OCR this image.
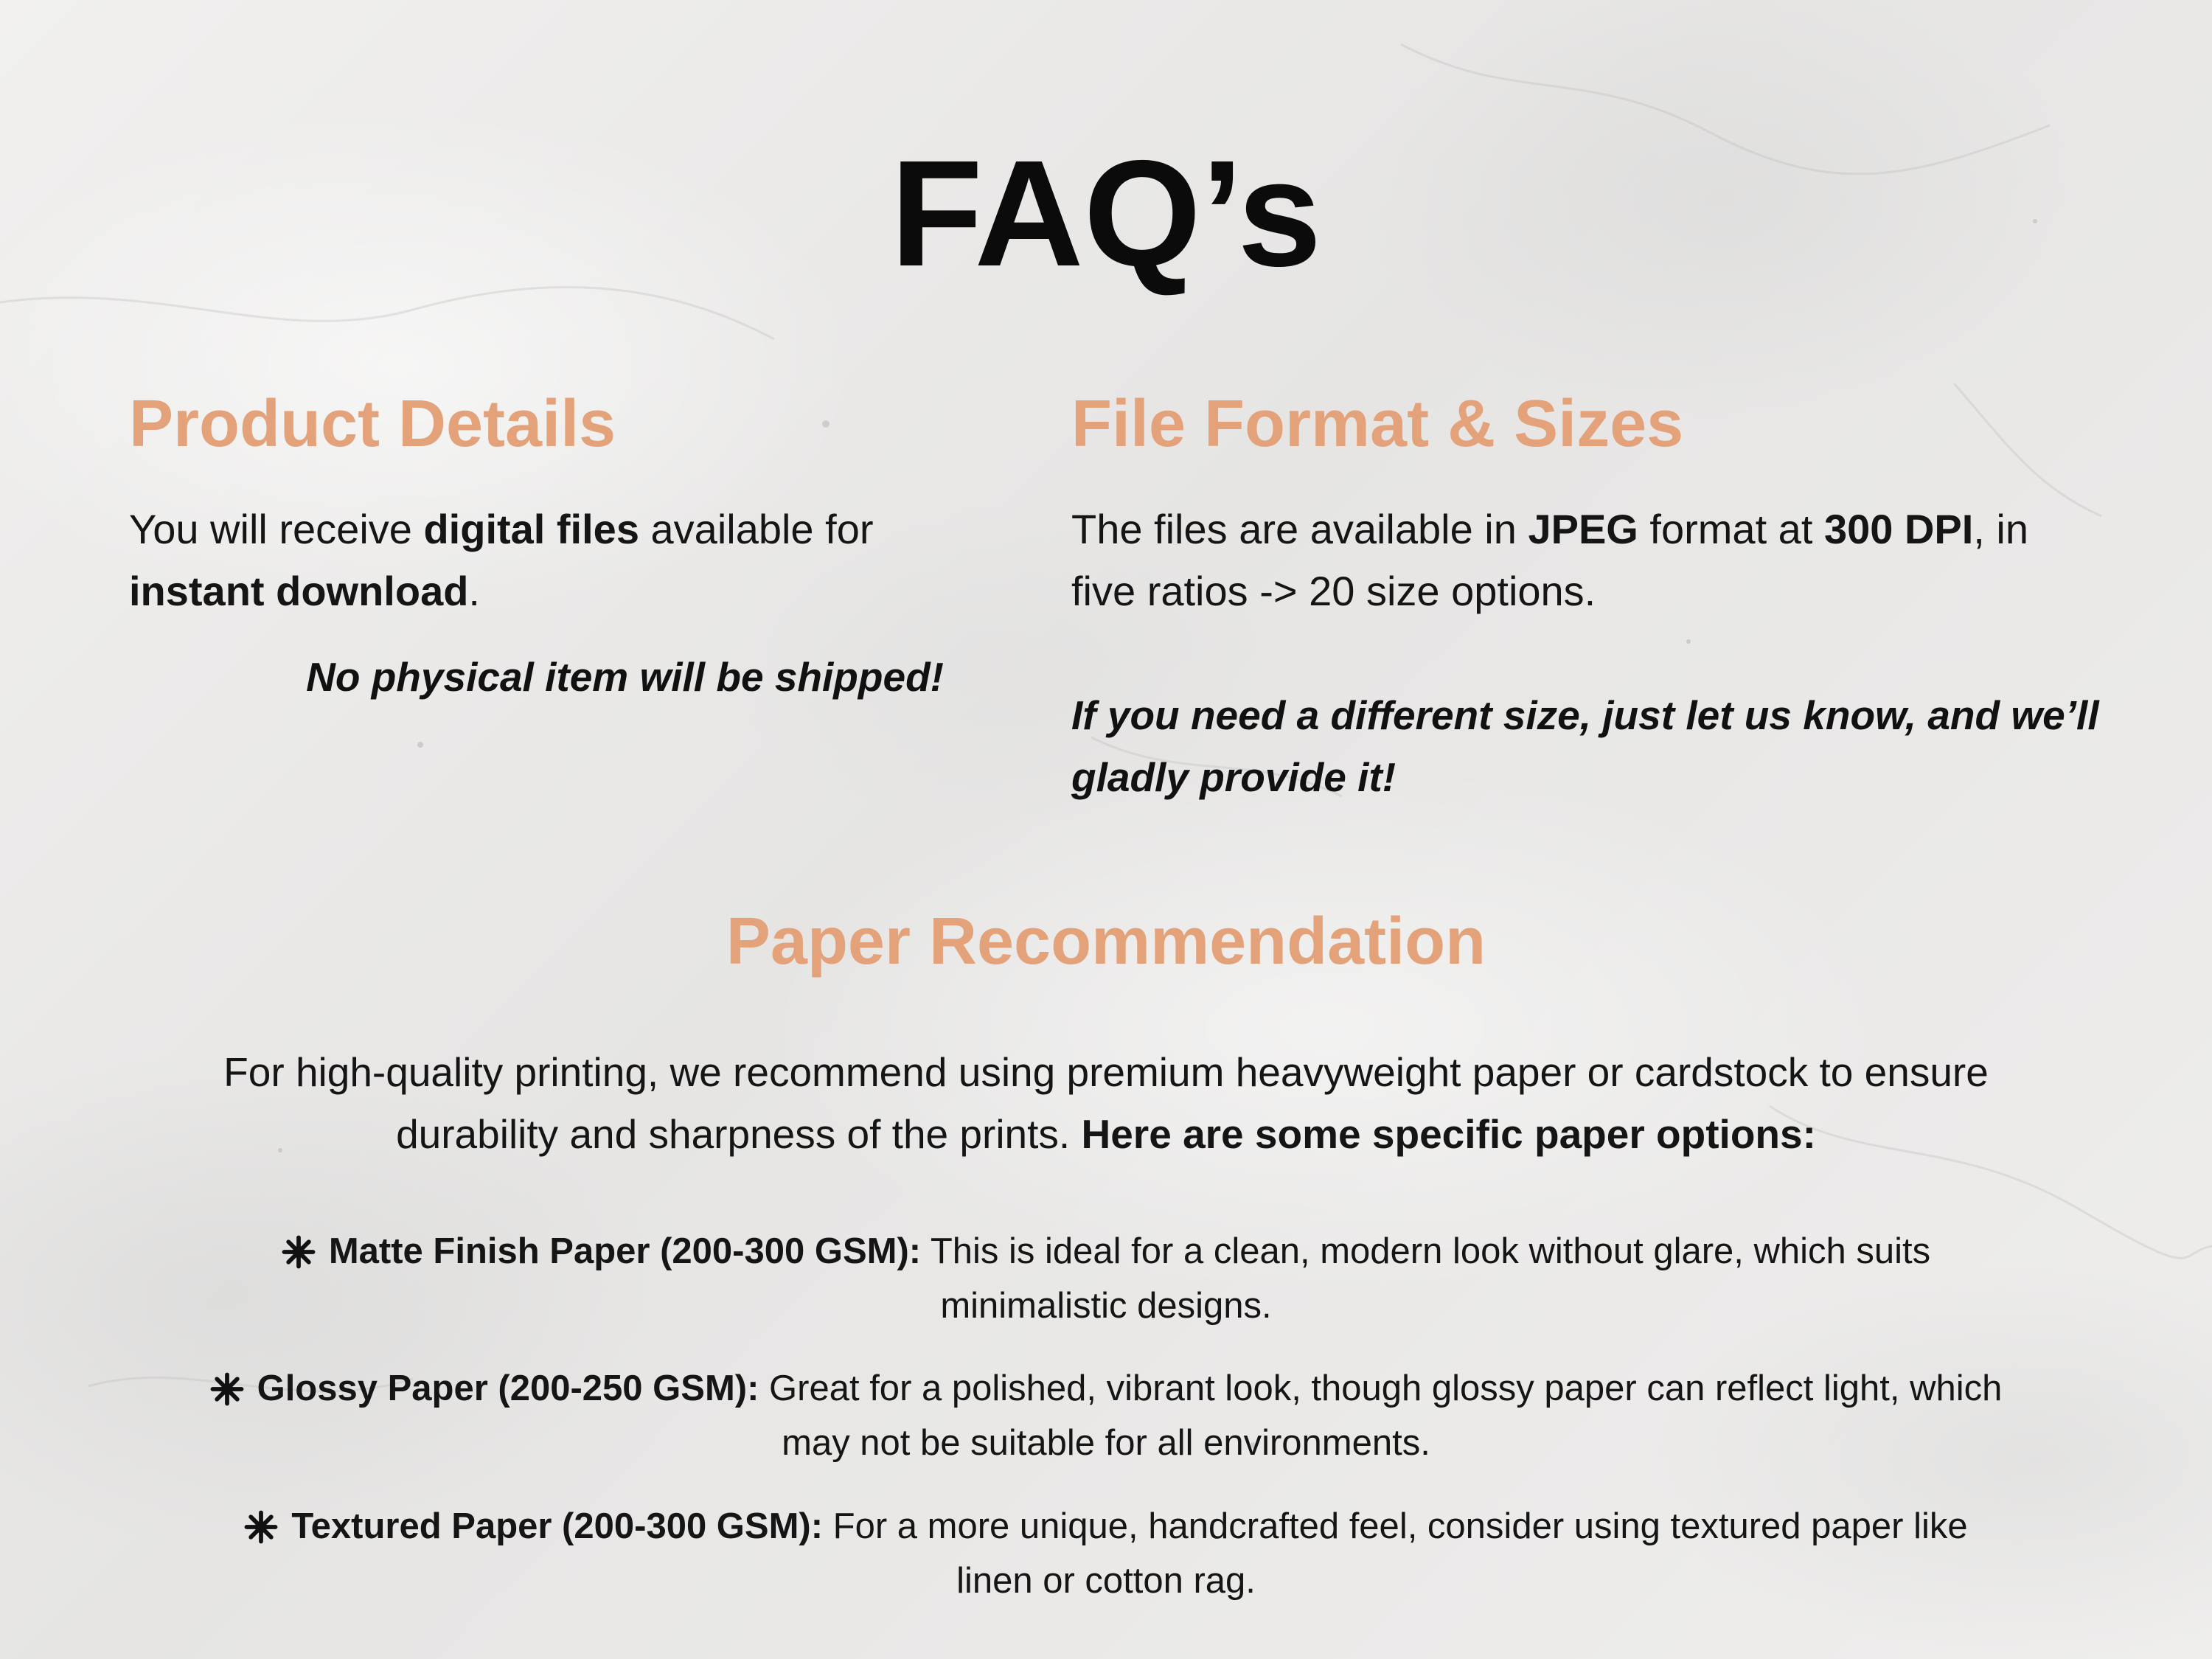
FAQ’s
Product Details

You will receive digital files available for
instant download.

No physical item will be shipped!

File Format & Sizes

The files are available in JPEG format at 300 DPI, in
five ratios -> 20 size options.

If you need a different size, just let us know, and we’ll
gladly provide it!

Paper Recommendation

For high-quality printing, we recommend using premium heavyweight paper or cardstock to ensure
durability and sharpness of the prints. Here are some specific paper options:

Matte Finish Paper (200-300 GSM): This is ideal for a clean, modern look without glare, which suits
minimalistic designs.

Glossy Paper (200-250 GSM): Great for a polished, vibrant look, though glossy paper can reflect light, which
may not be suitable for all environments.

Textured Paper (200-300 GSM): For a more unique, handcrafted feel, consider using textured paper like
linen or cotton rag.
